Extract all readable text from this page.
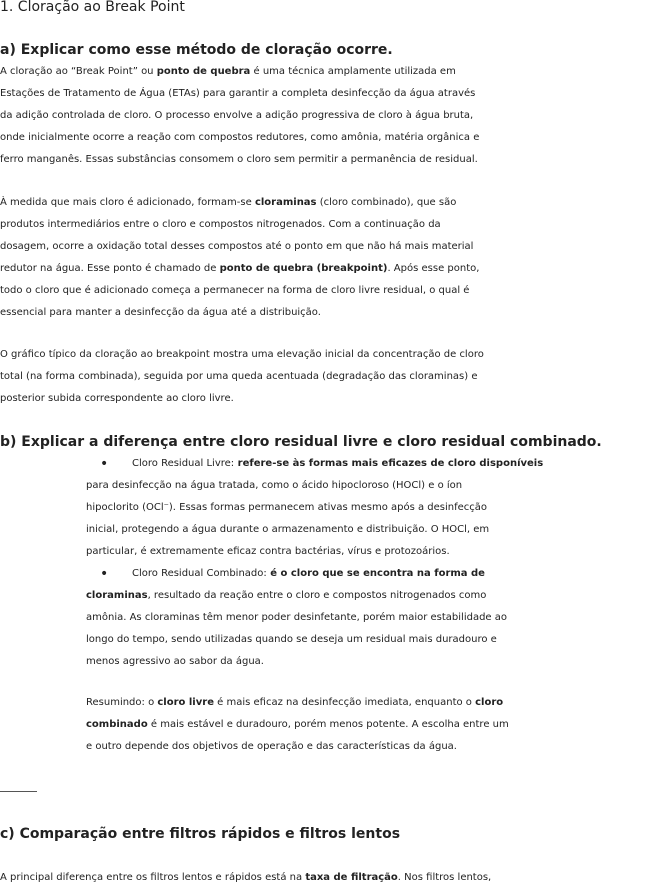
1. Cloração ao Break Point
a) Explicar como esse método de cloração ocorre.
A cloração ao “Break Point” ou ponto de quebra é uma técnica amplamente utilizada em
Estações de Tratamento de Água (ETAs) para garantir a completa desinfecção da água através
da adição controlada de cloro. O processo envolve a adição progressiva de cloro à água bruta,
onde inicialmente ocorre a reação com compostos redutores, como amônia, matéria orgânica e
ferro manganês. Essas substâncias consomem o cloro sem permitir a permanência de residual.
À medida que mais cloro é adicionado, formam-se cloraminas (cloro combinado), que são
produtos intermediários entre o cloro e compostos nitrogenados. Com a continuação da
dosagem, ocorre a oxidação total desses compostos até o ponto em que não há mais material
redutor na água. Esse ponto é chamado de ponto de quebra (breakpoint). Após esse ponto,
todo o cloro que é adicionado começa a permanecer na forma de cloro livre residual, o qual é
essencial para manter a desinfecção da água até a distribuição.
O gráfico típico da cloração ao breakpoint mostra uma elevação inicial da concentração de cloro
total (na forma combinada), seguida por uma queda acentuada (degradação das cloraminas) e
posterior subida correspondente ao cloro livre.
b) Explicar a diferença entre cloro residual livre e cloro residual combinado.
• Cloro Residual Livre: refere-se às formas mais eficazes de cloro disponíveis
para desinfecção na água tratada, como o ácido hipocloroso (HOCl) e o íon
hipoclorito (OCl⁻). Essas formas permanecem ativas mesmo após a desinfecção
inicial, protegendo a água durante o armazenamento e distribuição. O HOCl, em
particular, é extremamente eficaz contra bactérias, vírus e protozoários.
• Cloro Residual Combinado: é o cloro que se encontra na forma de
cloraminas, resultado da reação entre o cloro e compostos nitrogenados como
amônia. As cloraminas têm menor poder desinfetante, porém maior estabilidade ao
longo do tempo, sendo utilizadas quando se deseja um residual mais duradouro e
menos agressivo ao sabor da água.
Resumindo: o cloro livre é mais eficaz na desinfecção imediata, enquanto o cloro
combinado é mais estável e duradouro, porém menos potente. A escolha entre um
e outro depende dos objetivos de operação e das características da água.
c) Comparação entre filtros rápidos e filtros lentos
A principal diferença entre os filtros lentos e rápidos está na taxa de filtração. Nos filtros lentos,
